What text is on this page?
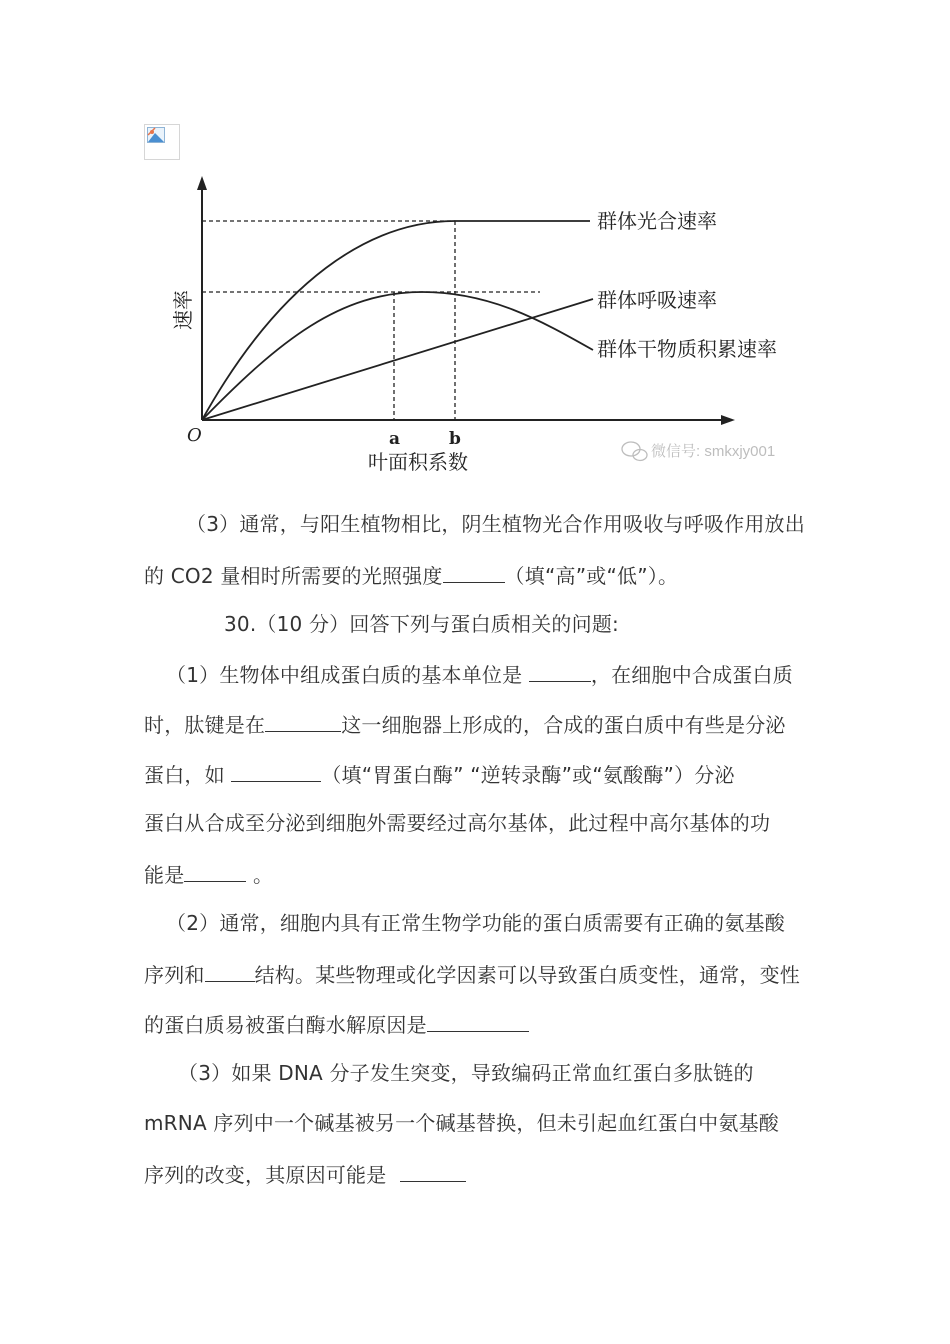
群体光合速率
群体呼吸速率
群体干物质积累速率
速率
O	a	b
叶面积系数	微信号: smkxjy001
（3）通常，与阳生植物相比，阴生植物光合作用吸收与呼吸作用放出
的 CO2 量相时所需要的光照强度	（填“高”或“低”）。
30.（10 分）回答下列与蛋白质相关的问题:
（1）生物体中组成蛋白质的基本单位是	，在细胞中合成蛋白质
时，肽键是在	这一细胞器上形成的，合成的蛋白质中有些是分泌
蛋白，如	（填“胃蛋白酶” “逆转录酶”或“氨酸酶”）分泌
蛋白从合成至分泌到细胞外需要经过高尔基体，此过程中高尔基体的功
能是	。
（2）通常，细胞内具有正常生物学功能的蛋白质需要有正确的氨基酸
序列和	结构。某些物理或化学因素可以导致蛋白质变性，通常，变性
的蛋白质易被蛋白酶水解原因是
（3）如果 DNA 分子发生突变，导致编码正常血红蛋白多肽链的
mRNA 序列中一个碱基被另一个碱基替换，但未引起血红蛋白中氨基酸
序列的改变，其原因可能是
